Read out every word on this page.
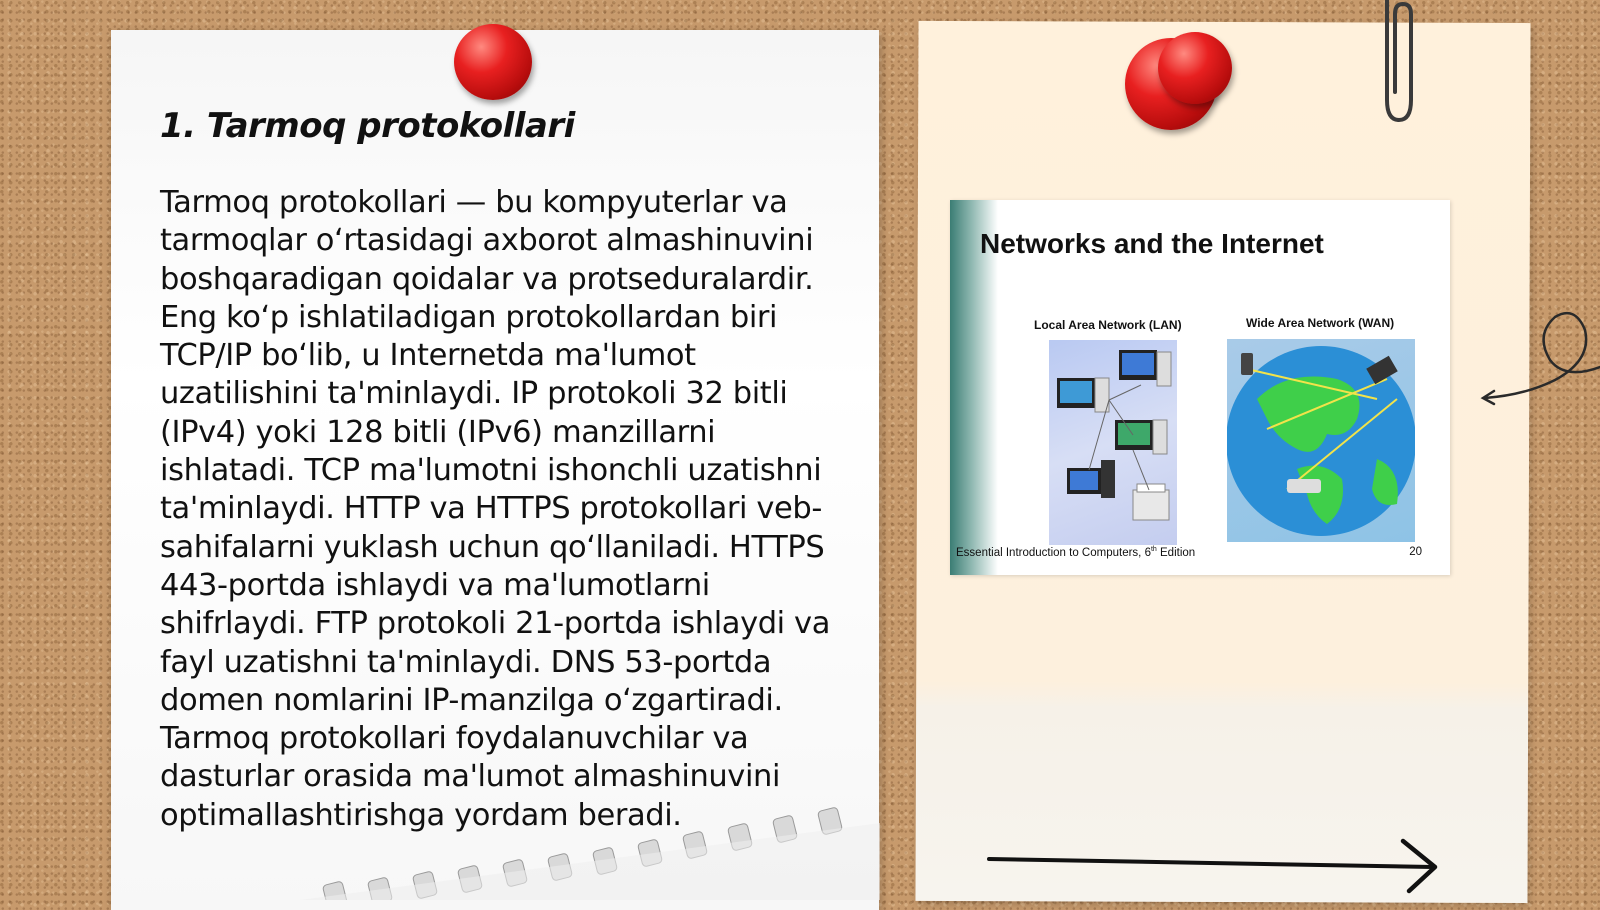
1. Tarmoq protokollari

Tarmoq protokollari — bu kompyuterlar va tarmoqlar o‘rtasidagi axborot almashinuvini boshqaradigan qoidalar va protseduralardir. Eng ko‘p ishlatiladigan protokollardan biri TCP/IP bo‘lib, u Internetda ma'lumot uzatilishini ta'minlaydi. IP protokoli 32 bitli (IPv4) yoki 128 bitli (IPv6) manzillarni ishlatadi. TCP ma'lumotni ishonchli uzatishni ta'minlaydi. HTTP va HTTPS protokollari veb-sahifalarni yuklash uchun qo‘llaniladi. HTTPS 443-portda ishlaydi va ma'lumotlarni shifrlaydi. FTP protokoli 21-portda ishlaydi va fayl uzatishni ta'minlaydi. DNS 53-portda domen nomlarini IP-manzilga o‘zgartiradi. Tarmoq protokollari foydalanuvchilar va dasturlar orasida ma'lumot almashinuvini optimallashtirishga yordam beradi.

Networks and the Internet
Local Area Network (LAN)	Wide Area Network (WAN)
Essential Introduction to Computers, 6th Edition	20
